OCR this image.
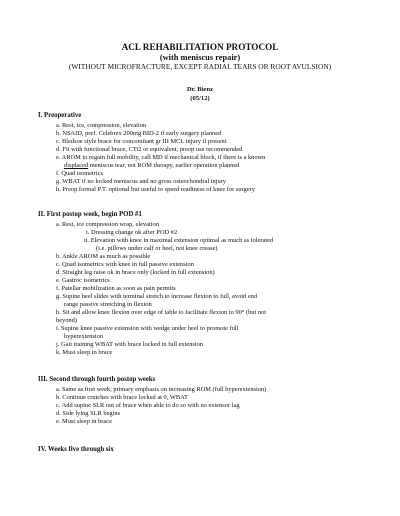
ACL REHABILITATION PROTOCOL
(with meniscus repair)
(WITHOUT MICROFRACTURE, EXCEPT RADIAL TEARS OR ROOT AVULSION)
Dr. Bienz
(05/12)
I. Preoperative
a. Rest, ice, compression, elevation
b. NSAID, pref. Celebrex 200mg BID-2 if early surgery planned
c. Bledsoe style brace for concomitant gr III MCL injury if present
d. Fit with functional brace, CTi2 or equivalent, preop use recommended
e. AROM to regain full mobility, call MD if mechanical block, if there is a known
displaced meniscus tear, not ROM therapy, earlier operation planned
f. Quad isometrics
g. WBAT if no locked meniscus and no gross osteochondral injury
h. Preop formal P.T. optional but useful to speed readiness of knee for surgery
II. First postop week, begin POD #1
a. Rest, ice compression wrap, elevation
i. Dressing change ok after POD #2
ii. Elevation with knee in maximal extension optimal as much as tolerated
(i.e. pillows under calf or heel, not knee crease)
b. Ankle AROM as much as possible
c. Quad isometrics with knee in full passive extension
d. Straight leg raise ok in brace only (locked in full extension)
e. Gastroc isometrics
f. Patellar mobilization as soon as pain permits
g. Supine heel slides with terminal stretch to increase flexion to full, avoid end
range passive stretching in flexion
h. Sit and allow knee flexion over edge of table to facilitate flexion to 90° (but not
beyond)
i. Supine knee passive extension with wedge under heel to promote full
hyperextension
j. Gait training WBAT with brace locked in full extension
k. Must sleep in brace
III. Second through fourth postop weeks
a. Same as first week, primary emphasis on increasing ROM (full hyperextension)
b. Continue crutches with brace locked at 0, WBAT
c. Add supine SLR out of brace when able to do so with no extensor lag
d. Side lying SLR begins
e. Must sleep in brace
IV. Weeks five through six
